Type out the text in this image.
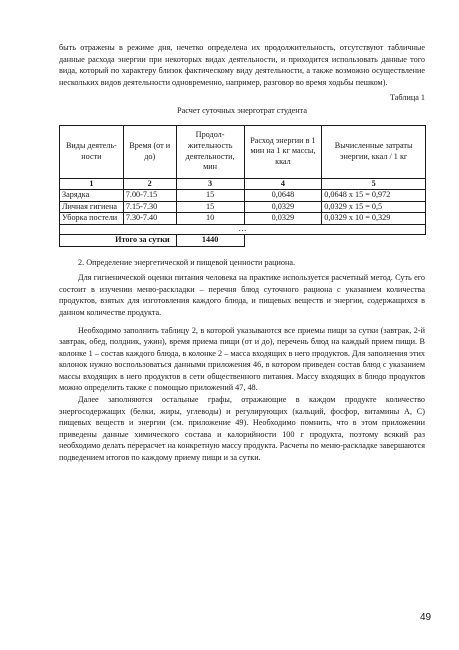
быть отражены в режиме дня, нечетко определена их продолжительность, отсутствуют табличные данные расхода энергии при некоторых видах деятельности, и приходится использовать данные того вида, который по характеру близок фактическому виду деятельности, а также возможно осуществление нескольких видов деятельности одновременно, например, разговор во время ходьбы пешком).

Таблица 1

Расчет суточных энерготрат студента

Виды деятель-ности	Время (от и до)	Продол-жительность деятельности, мин	Расход энергии в 1 мин на 1 кг массы, ккал	Вычисленные затраты энергии, ккал / 1 кг
1	2	3	4	5
Зарядка	7.00-7.15	15	0,0648	0,0648 х 15 = 0,972
Личная гигиена	7.15-7.30	15	0,0329	0,0329 х 15 = 0,5
Уборка постели	7.30-7.40	10	0,0329	0,0329 х 10 = 0,329
…				
Итого за сутки		1440		

2. Определение энергетической и пищевой ценности рациона.

Для гигиенической оценки питания человека на практике используется расчетный метод. Суть его состоит в изучении меню-раскладки – перечня блюд суточного рациона с указанием количества продуктов, взятых для изготовления каждого блюда, и пищевых веществ и энергии, содержащихся в данном количестве продукта.

Необходимо заполнить таблицу 2, в которой указываются все приемы пищи за сутки (завтрак, 2-й завтрак, обед, полдник, ужин), время приема пищи (от и до), перечень блюд на каждый прием пищи. В колонке 1 – состав каждого блюда, в колонке 2 – масса входящих в него продуктов. Для заполнения этих колонок нужно воспользоваться данными приложения 46, в котором приведен состав блюд с указанием массы входящих в него продуктов в сети общественного питания. Массу входящих в блюдо продуктов можно определить также с помощью приложений 47, 48.

Далее заполняются остальные графы, отражающие в каждом продукте количество энергосодержащих (белки, жиры, углеводы) и регулирующих (кальций, фосфор, витамины А, С) пищевых веществ и энергии (см. приложение 49). Необходимо помнить, что в этом приложении приведены данные химического состава и калорийности 100 г продукта, поэтому всякий раз необходимо делать перерасчет на конкретную массу продукта. Расчеты по меню-раскладке завершаются подведением итогов по каждому приему пищи и за сутки.

49
